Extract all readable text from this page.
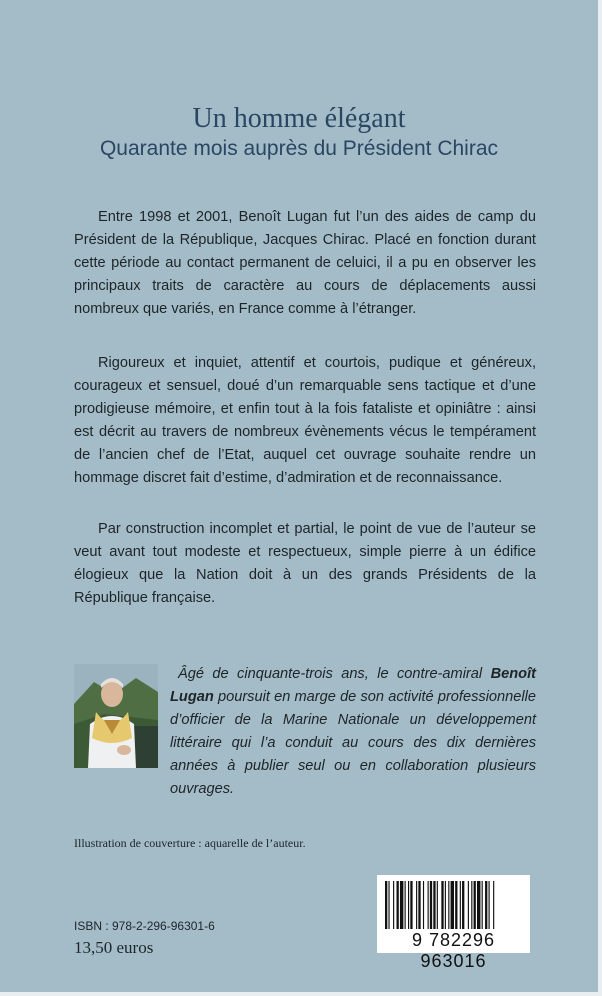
Un homme élégant
Quarante mois auprès du Président Chirac

Entre 1998 et 2001, Benoît Lugan fut l’un des aides de camp du Président de la République, Jacques Chirac. Placé en fonction durant cette période au contact permanent de celuici, il a pu en observer les principaux traits de caractère au cours de déplacements aussi nombreux que variés, en France comme à l’étranger.

Rigoureux et inquiet, attentif et courtois, pudique et généreux, courageux et sensuel, doué d’un remarquable sens tactique et d’une prodigieuse mémoire, et enfin tout à la fois fataliste et opiniâtre : ainsi est décrit au travers de nombreux évènements vécus le tempérament de l’ancien chef de l’Etat, auquel cet ouvrage souhaite rendre un hommage discret fait d’estime, d’admiration et de reconnaissance.

Par construction incomplet et partial, le point de vue de l’auteur se veut avant tout modeste et respectueux, simple pierre à un édifice élogieux que la Nation doit à un des grands Présidents de la République française.

Âgé de cinquante-trois ans, le contre-amiral Benoît Lugan poursuit en marge de son activité professionnelle d’officier de la Marine Nationale un développement littéraire qui l’a conduit au cours des dix dernières années à publier seul ou en collaboration plusieurs ouvrages.

Illustration de couverture : aquarelle de l’auteur.

ISBN : 978-2-296-96301-6

13,50 euros	9 782296 963016
